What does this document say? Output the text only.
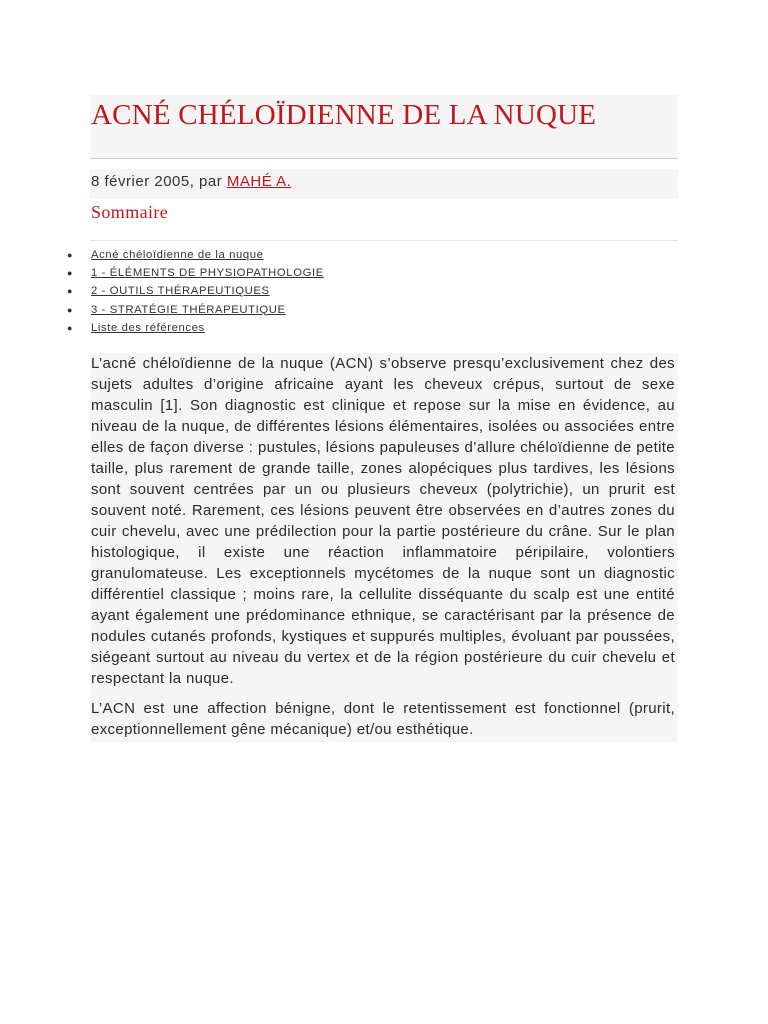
ACNÉ CHÉLOÏDIENNE DE LA NUQUE
8 février 2005, par MAHÉ A.
Sommaire
● Acné chéloïdienne de la nuque
● 1 - ÉLÉMENTS DE PHYSIOPATHOLOGIE
● 2 - OUTILS THÉRAPEUTIQUES
● 3 - STRATÉGIE THÉRAPEUTIQUE
● Liste des références

L’acné chéloïdienne de la nuque (ACN) s’observe presqu’exclusivement chez des sujets adultes d’origine africaine ayant les cheveux crépus, surtout de sexe masculin [1]. Son diagnostic est clinique et repose sur la mise en évidence, au niveau de la nuque, de différentes lésions élémentaires, isolées ou associées entre elles de façon diverse : pustules, lésions papuleuses d’allure chéloïdienne de petite taille, plus rarement de grande taille, zones alopéciques plus tardives, les lésions sont souvent centrées par un ou plusieurs cheveux (polytrichie), un prurit est souvent noté. Rarement, ces lésions peuvent être observées en d’autres zones du cuir chevelu, avec une prédilection pour la partie postérieure du crâne. Sur le plan histologique, il existe une réaction inflammatoire péripilaire, volontiers granulomateuse. Les exceptionnels mycétomes de la nuque sont un diagnostic différentiel classique ; moins rare, la cellulite disséquante du scalp est une entité ayant également une prédominance ethnique, se caractérisant par la présence de nodules cutanés profonds, kystiques et suppurés multiples, évoluant par poussées, siégeant surtout au niveau du vertex et de la région postérieure du cuir chevelu et respectant la nuque.

L’ACN est une affection bénigne, dont le retentissement est fonctionnel (prurit, exceptionnellement gêne mécanique) et/ou esthétique.
